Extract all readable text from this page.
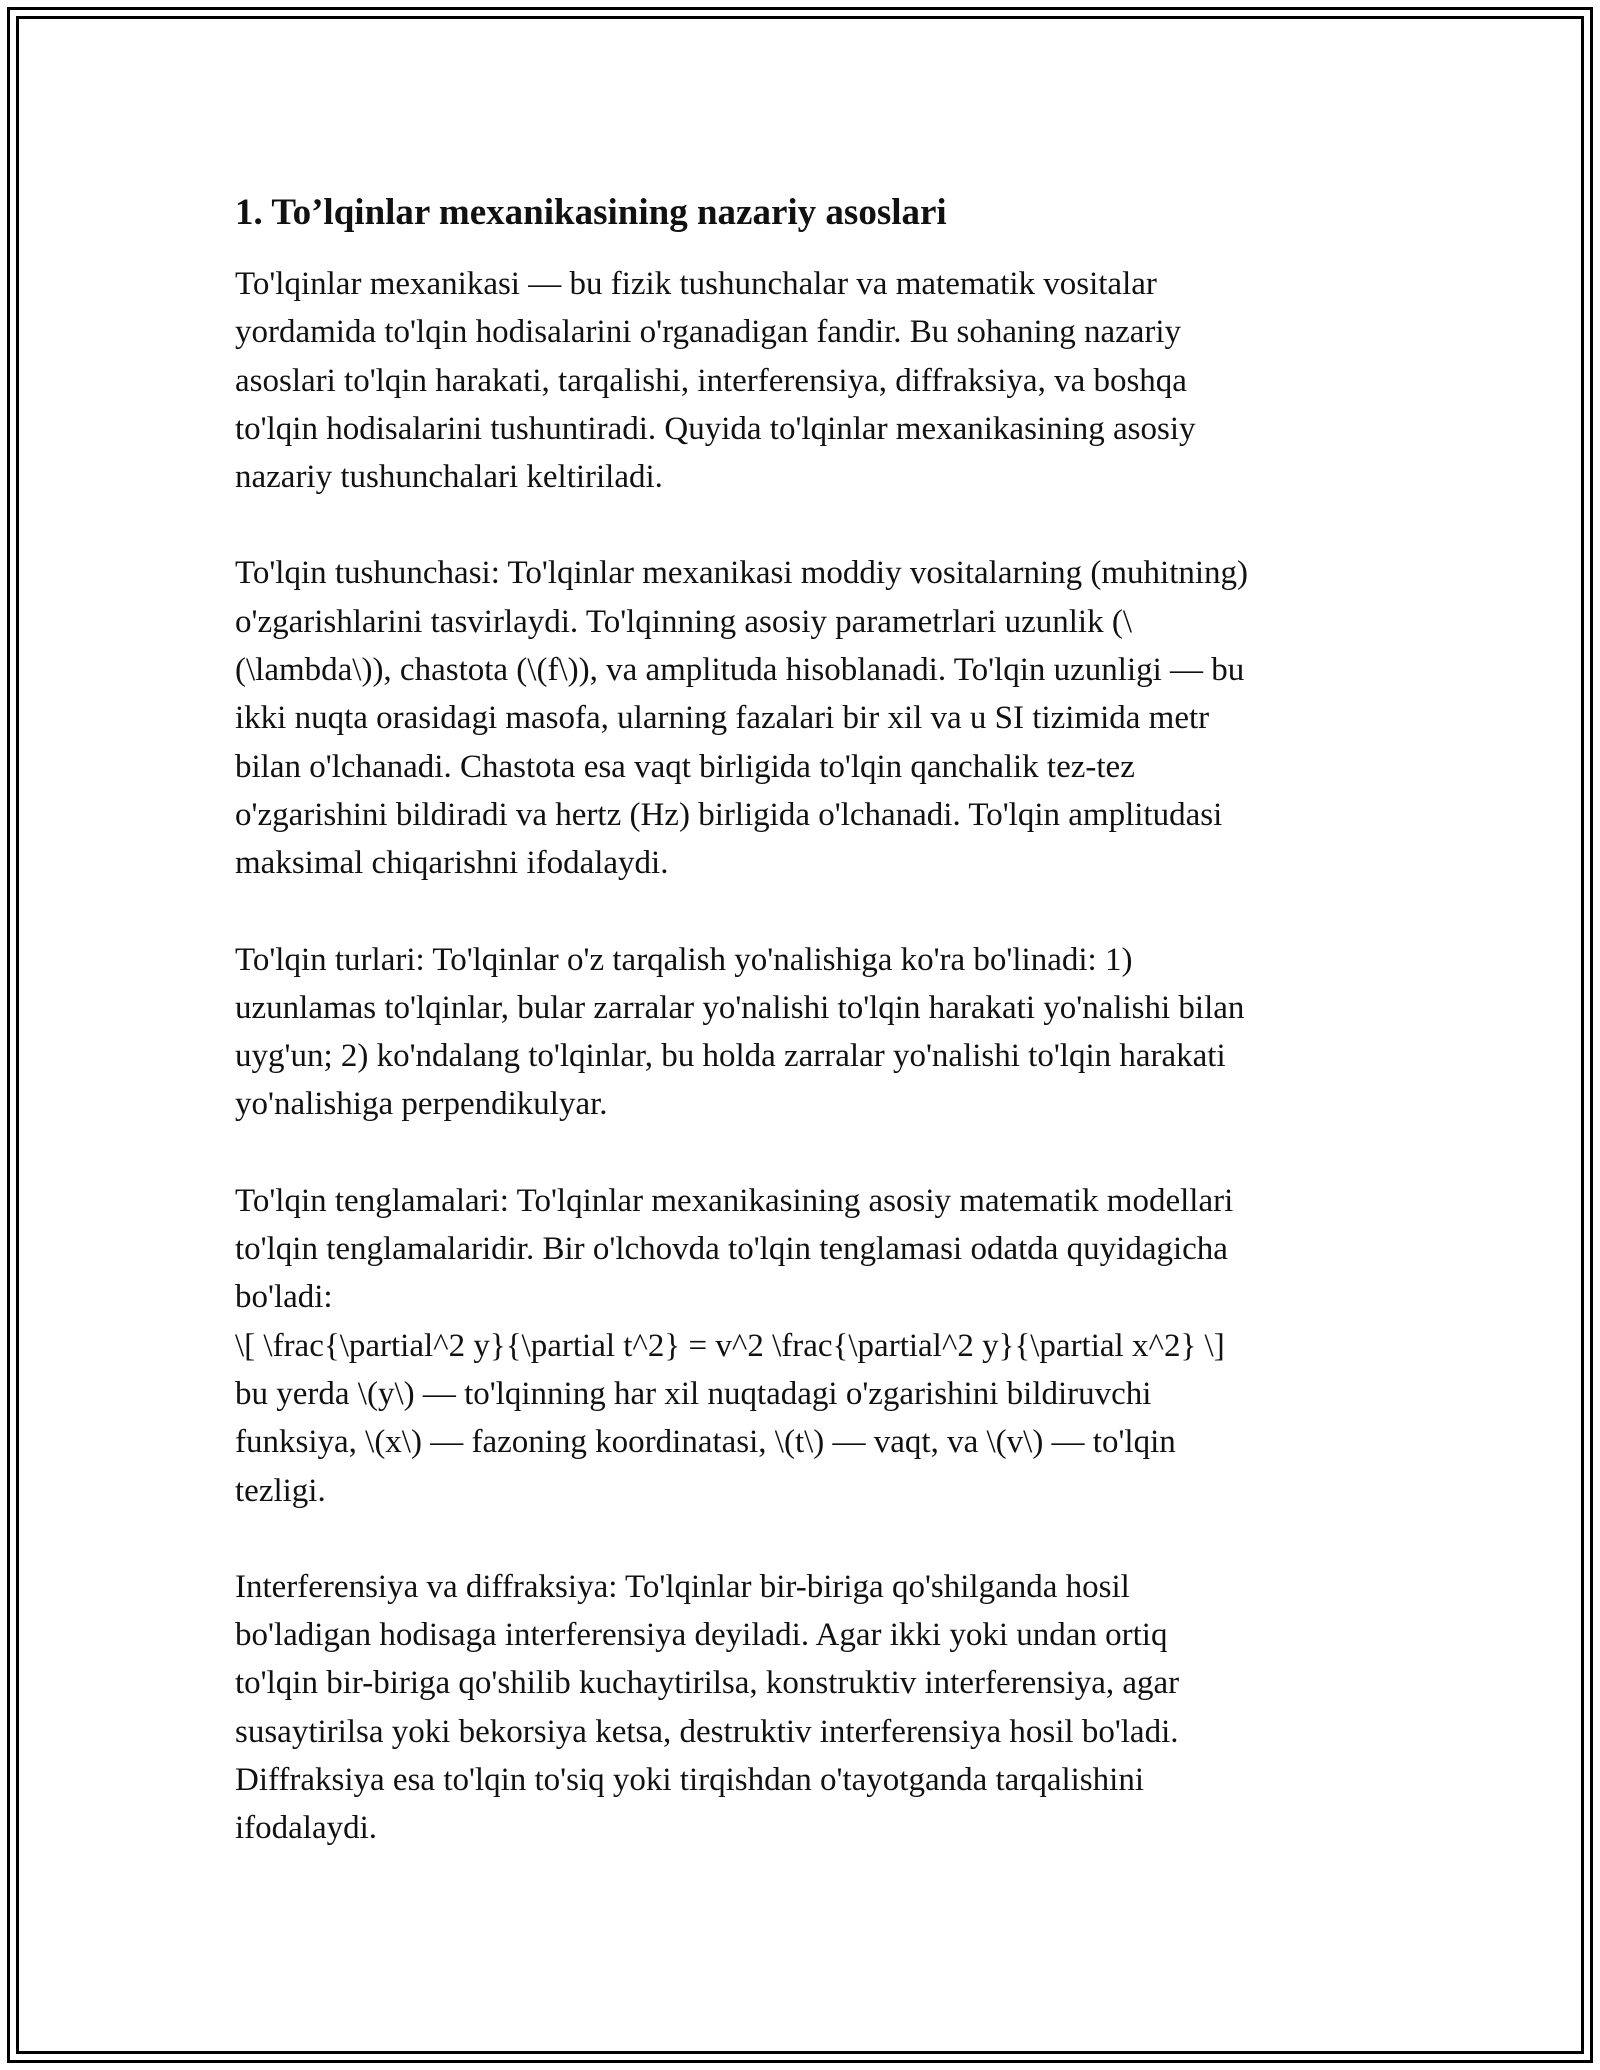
1. To’lqinlar mexanikasining nazariy asoslari

To'lqinlar mexanikasi — bu fizik tushunchalar va matematik vositalar
yordamida to'lqin hodisalarini o'rganadigan fandir. Bu sohaning nazariy
asoslari to'lqin harakati, tarqalishi, interferensiya, diffraksiya, va boshqa
to'lqin hodisalarini tushuntiradi. Quyida to'lqinlar mexanikasining asosiy
nazariy tushunchalari keltiriladi.

To'lqin tushunchasi: To'lqinlar mexanikasi moddiy vositalarning (muhitning)
o'zgarishlarini tasvirlaydi. To'lqinning asosiy parametrlari uzunlik (\
(\lambda\)), chastota (\(f\)), va amplituda hisoblanadi. To'lqin uzunligi — bu
ikki nuqta orasidagi masofa, ularning fazalari bir xil va u SI tizimida metr
bilan o'lchanadi. Chastota esa vaqt birligida to'lqin qanchalik tez-tez
o'zgarishini bildiradi va hertz (Hz) birligida o'lchanadi. To'lqin amplitudasi
maksimal chiqarishni ifodalaydi.

To'lqin turlari: To'lqinlar o'z tarqalish yo'nalishiga ko'ra bo'linadi: 1)
uzunlamas to'lqinlar, bular zarralar yo'nalishi to'lqin harakati yo'nalishi bilan
uyg'un; 2) ko'ndalang to'lqinlar, bu holda zarralar yo'nalishi to'lqin harakati
yo'nalishiga perpendikulyar.

To'lqin tenglamalari: To'lqinlar mexanikasining asosiy matematik modellari
to'lqin tenglamalaridir. Bir o'lchovda to'lqin tenglamasi odatda quyidagicha
bo'ladi:
\[ \frac{\partial^2 y}{\partial t^2} = v^2 \frac{\partial^2 y}{\partial x^2} \]
bu yerda \(y\) — to'lqinning har xil nuqtadagi o'zgarishini bildiruvchi
funksiya, \(x\) — fazoning koordinatasi, \(t\) — vaqt, va \(v\) — to'lqin
tezligi.

Interferensiya va diffraksiya: To'lqinlar bir-biriga qo'shilganda hosil
bo'ladigan hodisaga interferensiya deyiladi. Agar ikki yoki undan ortiq
to'lqin bir-biriga qo'shilib kuchaytirilsa, konstruktiv interferensiya, agar
susaytirilsa yoki bekorsiya ketsa, destruktiv interferensiya hosil bo'ladi.
Diffraksiya esa to'lqin to'siq yoki tirqishdan o'tayotganda tarqalishini
ifodalaydi.
